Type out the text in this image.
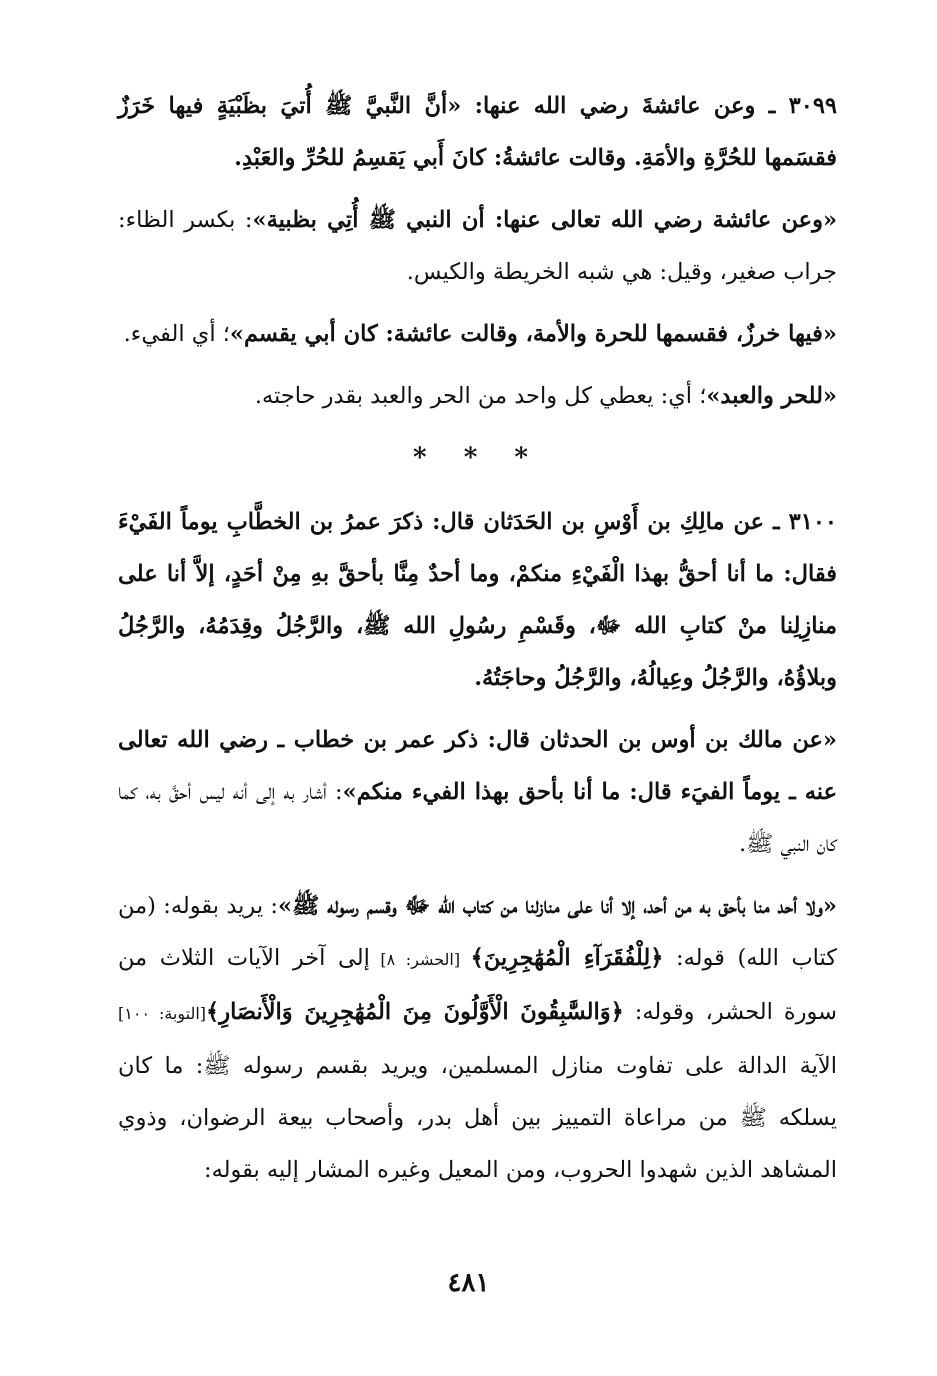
٣٠٩٩ ـ وعن عائشةَ رضي الله عنها: «أنَّ النَّبيَّ ﷺ أُتيَ بظَبْيَةٍ فيها خَرَزٌ فقسَمها للحُرَّةِ والأمَةِ. وقالت عائشةُ: كانَ أَبي يَقسِمُ للحُرِّ والعَبْدِ.

«وعن عائشة رضي الله تعالى عنها: أن النبي ﷺ أُتِي بظبية»: بكسر الظاء: جراب صغير، وقيل: هي شبه الخريطة والكيس.

«فيها خرزٌ، فقسمها للحرة والأمة، وقالت عائشة: كان أبي يقسم»؛ أي الفيء.

«للحر والعبد»؛ أي: يعطي كل واحد من الحر والعبد بقدر حاجته.

* * *

٣١٠٠ ـ عن مالِكِ بن أَوْسِ بن الحَدَثان قال: ذكرَ عمرُ بن الخطَّابِ يوماً الفَيْءَ فقال: ما أنا أحقُّ بهذا الْفَيْءِ منكمْ، وما أحدٌ مِنَّا بأحقَّ بهِ مِنْ أحَدٍ، إلاَّ أنا على منازِلِنا منْ كتابِ الله ﷻ، وقَسْمِ رسُولِ الله ﷺ، والرَّجُلُ وقِدَمُهُ، والرَّجُلُ وبلاؤُهُ، والرَّجُلُ وعِيالُهُ، والرَّجُلُ وحاجَتُهُ.

«عن مالك بن أوس بن الحدثان قال: ذكر عمر بن خطاب ـ رضي الله تعالى عنه ـ يوماً الفيَء قال: ما أنا بأحق بهذا الفيء منكم»: أشار به إلى أنه ليس أحقَّ به، كما كان النبي ﷺ.

«ولا أحد منا بأحق به من أحد، إلا أنا على منازلنا من كتاب الله ﷻ وقسم رسوله ﷺ»: يريد بقوله: (من كتاب الله) قوله: ﴿لِلْفُقَرَآءِ الْمُهَٰجِرِينَ﴾ [الحشر: ٨] إلى آخر الآيات الثلاث من سورة الحشر، وقوله: ﴿وَالسَّٰبِقُونَ الْأَوَّلُونَ مِنَ الْمُهَٰجِرِينَ وَالْأَنصَارِ﴾[التوبة: ١٠٠] الآية الدالة على تفاوت منازل المسلمين، ويريد بقسم رسوله ﷺ: ما كان يسلكه ﷺ من مراعاة التمييز بين أهل بدر، وأصحاب بيعة الرضوان، وذوي المشاهد الذين شهدوا الحروب، ومن المعيل وغيره المشار إليه بقوله:

٤٨١
